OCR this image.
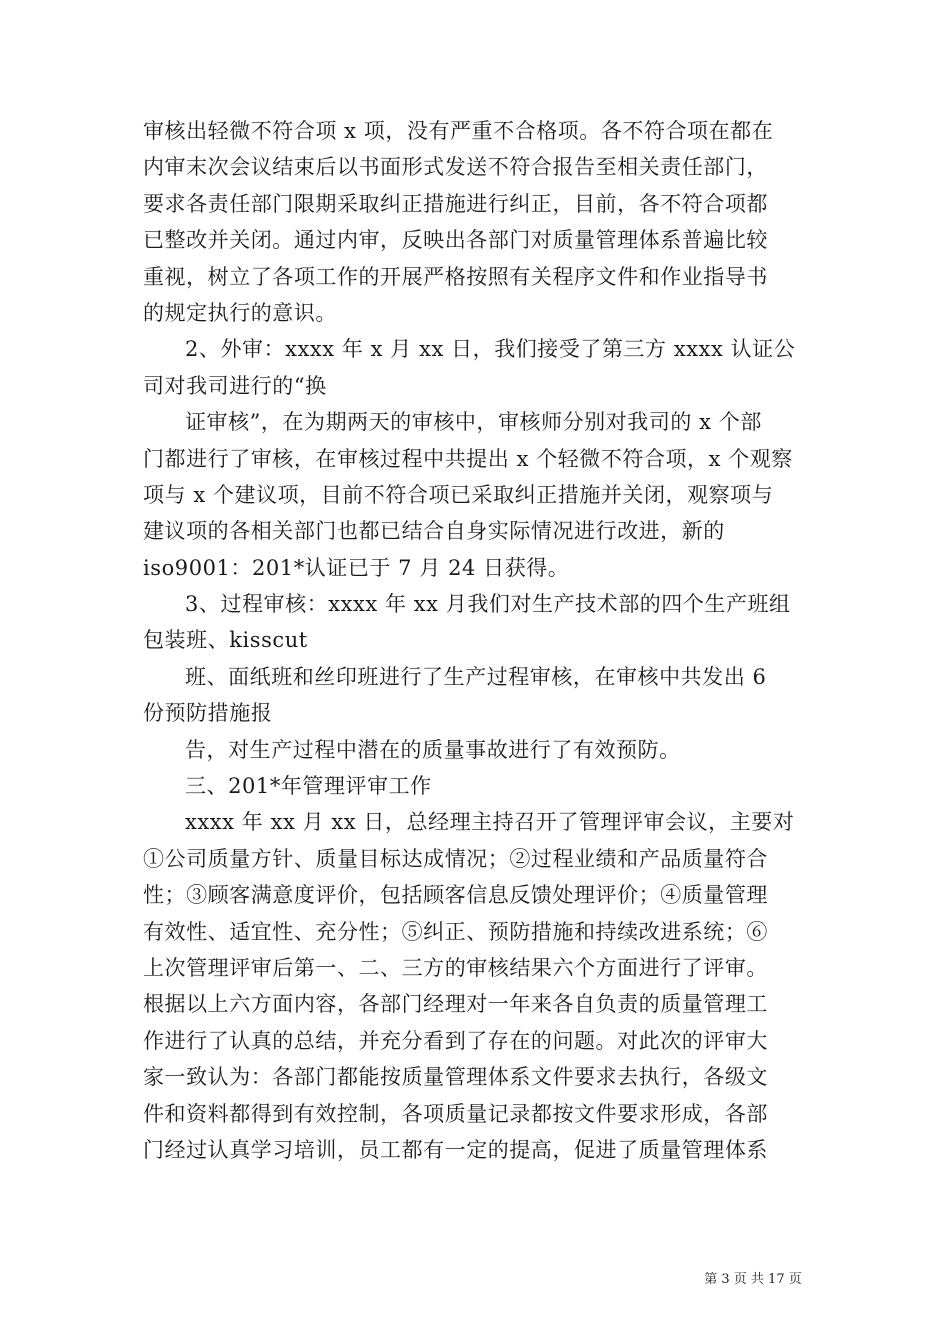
审核出轻微不符合项 x 项，没有严重不合格项。各不符合项在都在
内审末次会议结束后以书面形式发送不符合报告至相关责任部门，
要求各责任部门限期采取纠正措施进行纠正，目前，各不符合项都
已整改并关闭。通过内审，反映出各部门对质量管理体系普遍比较
重视，树立了各项工作的开展严格按照有关程序文件和作业指导书
的规定执行的意识。
2、外审：xxxx 年 x 月 xx 日，我们接受了第三方 xxxx 认证公
司对我司进行的“换
证审核”，在为期两天的审核中，审核师分别对我司的 x 个部
门都进行了审核，在审核过程中共提出 x 个轻微不符合项，x 个观察
项与 x 个建议项，目前不符合项已采取纠正措施并关闭，观察项与
建议项的各相关部门也都已结合自身实际情况进行改进，新的
iso9001：201*认证已于 7 月 24 日获得。
3、过程审核：xxxx 年 xx 月我们对生产技术部的四个生产班组
包装班、kisscut
班、面纸班和丝印班进行了生产过程审核，在审核中共发出 6
份预防措施报
告，对生产过程中潜在的质量事故进行了有效预防。
三、201*年管理评审工作
xxxx 年 xx 月 xx 日，总经理主持召开了管理评审会议，主要对
①公司质量方针、质量目标达成情况；②过程业绩和产品质量符合
性；③顾客满意度评价，包括顾客信息反馈处理评价；④质量管理
有效性、适宜性、充分性；⑤纠正、预防措施和持续改进系统；⑥
上次管理评审后第一、二、三方的审核结果六个方面进行了评审。
根据以上六方面内容，各部门经理对一年来各自负责的质量管理工
作进行了认真的总结，并充分看到了存在的问题。对此次的评审大
家一致认为：各部门都能按质量管理体系文件要求去执行，各级文
件和资料都得到有效控制，各项质量记录都按文件要求形成，各部
门经过认真学习培训，员工都有一定的提高，促进了质量管理体系
第 3 页 共 17 页
